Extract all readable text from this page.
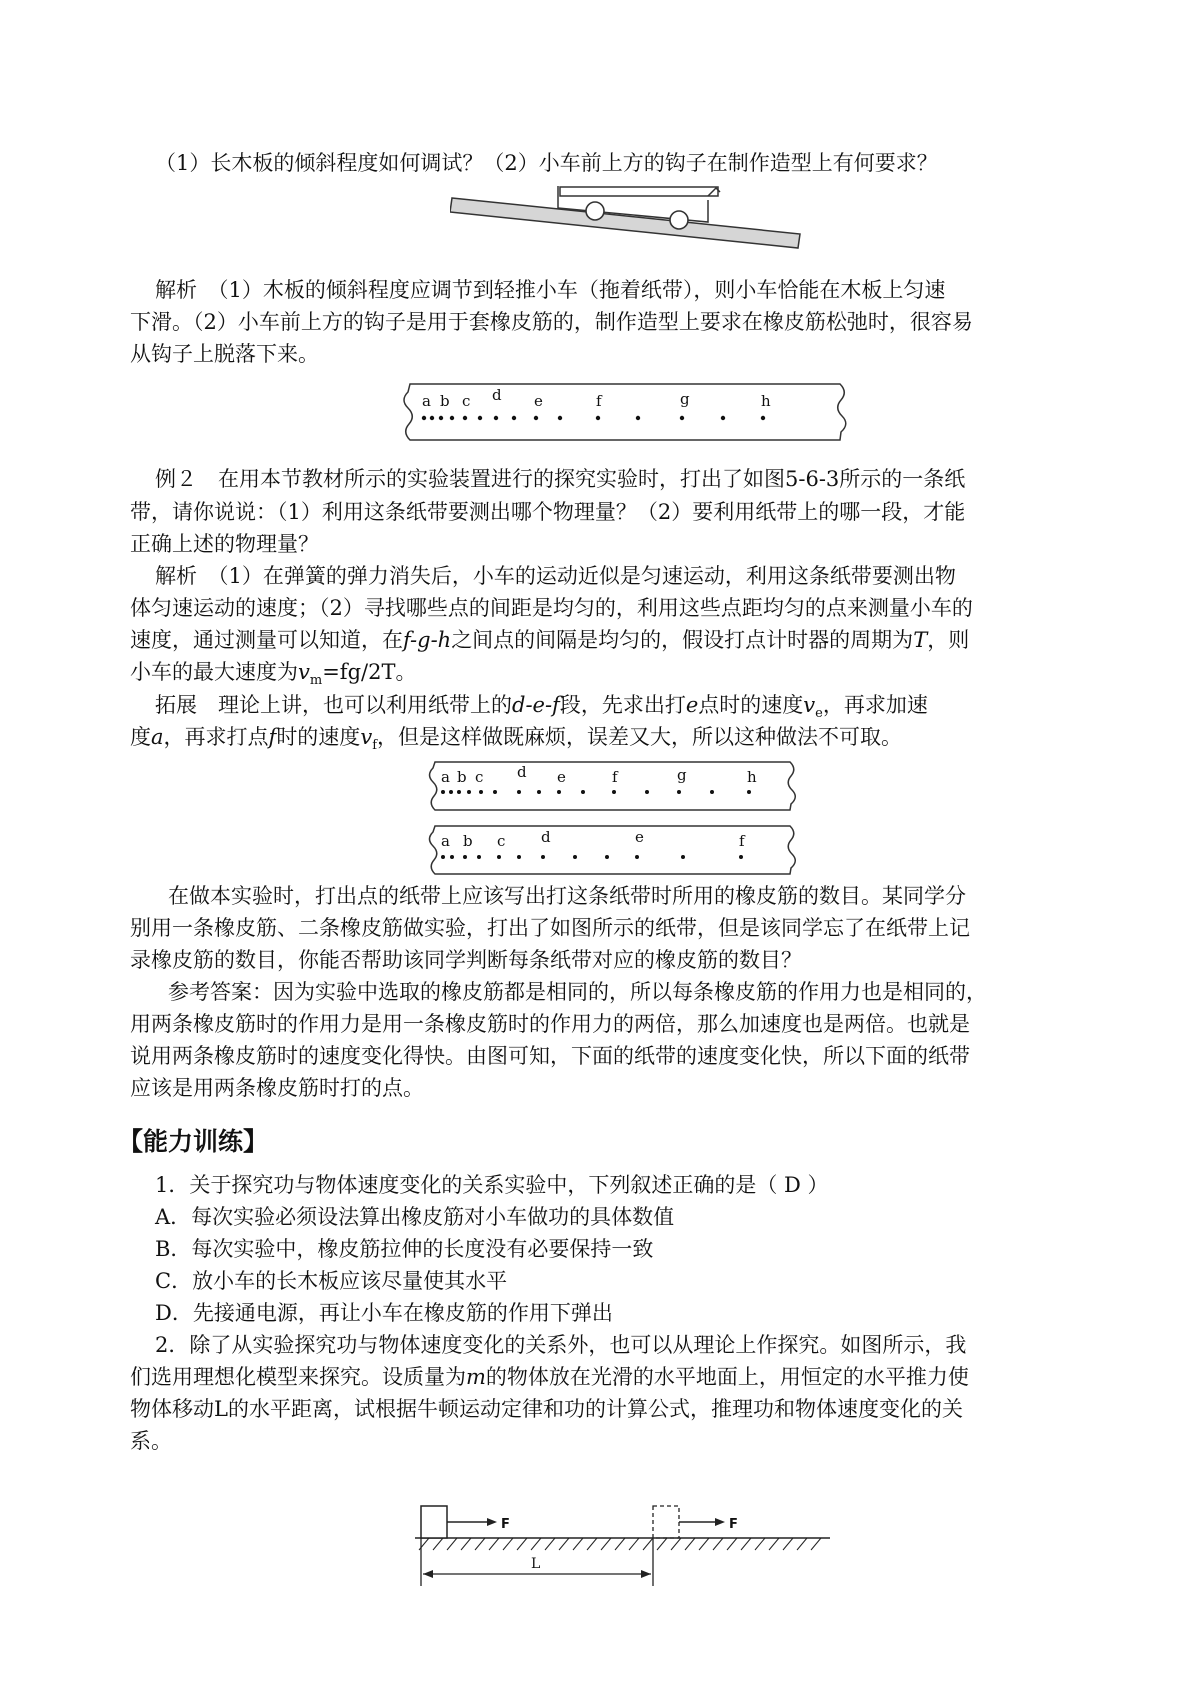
（1）长木板的倾斜程度如何调试？（2）小车前上方的钩子在制作造型上有何要求？
解析　（1）木板的倾斜程度应调节到轻推小车（拖着纸带），则小车恰能在木板上匀速
下滑。（2）小车前上方的钩子是用于套橡皮筋的，制作造型上要求在橡皮筋松弛时，很容易
从钩子上脱落下来。
a b c d e	f	g	h
例２　在用本节教材所示的实验装置进行的探究实验时，打出了如图5-6-3所示的一条纸
带，请你说说：（1）利用这条纸带要测出哪个物理量？（2）要利用纸带上的哪一段，才能
正确上述的物理量？
解析　（1）在弹簧的弹力消失后，小车的运动近似是匀速运动，利用这条纸带要测出物
体匀速运动的速度；（2）寻找哪些点的间距是均匀的，利用这些点距均匀的点来测量小车的
速度，通过测量可以知道，在f-g-h之间点的间隔是均匀的，假设打点计时器的周期为T，则
小车的最大速度为$v_m=fg/2T$。
拓展　理论上讲，也可以利用纸带上的d-e-f段，先求出打e点时的速度$v_e$，再求加速
度a，再求打点f时的速度$v_f$，但是这样做既麻烦，误差又大，所以这种做法不可取。
a b c d e	f	g	h
a b c d	e	f
在做本实验时，打出点的纸带上应该写出打这条纸带时所用的橡皮筋的数目。某同学分
别用一条橡皮筋、二条橡皮筋做实验，打出了如图所示的纸带，但是该同学忘了在纸带上记
录橡皮筋的数目，你能否帮助该同学判断每条纸带对应的橡皮筋的数目？
参考答案：因为实验中选取的橡皮筋都是相同的，所以每条橡皮筋的作用力也是相同的，
用两条橡皮筋时的作用力是用一条橡皮筋时的作用力的两倍，那么加速度也是两倍。也就是
说用两条橡皮筋时的速度变化得快。由图可知，下面的纸带的速度变化快，所以下面的纸带
应该是用两条橡皮筋时打的点。
【能力训练】
1．关于探究功与物体速度变化的关系实验中，下列叙述正确的是（ D ）
A．每次实验必须设法算出橡皮筋对小车做功的具体数值
B．每次实验中，橡皮筋拉伸的长度没有必要保持一致
C．放小车的长木板应该尽量使其水平
D．先接通电源，再让小车在橡皮筋的作用下弹出
2．除了从实验探究功与物体速度变化的关系外，也可以从理论上作探究。如图所示，我
们选用理想化模型来探究。设质量为m的物体放在光滑的水平地面上，用恒定的水平推力使
物体移动L的水平距离，试根据牛顿运动定律和功的计算公式，推理功和物体速度变化的关
系。
F	F
L
